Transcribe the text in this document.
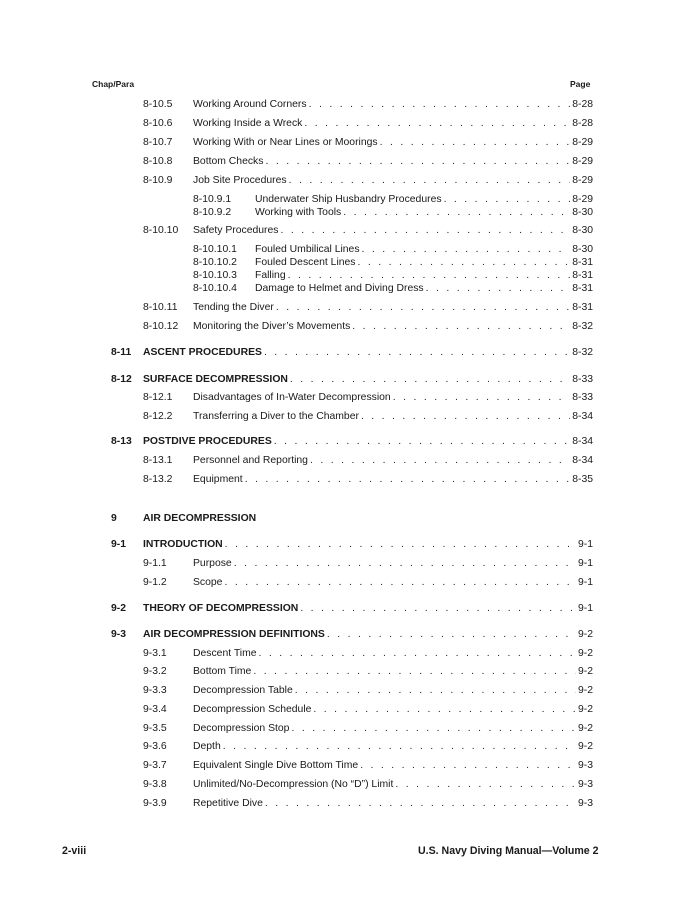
Chap/Para	Page
8-10.5 Working Around Corners . . .	8-28
8-10.6 Working Inside a Wreck . . .	8-28
8-10.7 Working With or Near Lines or Moorings . . .	8-29
8-10.8 Bottom Checks . . .	8-29
8-10.9 Job Site Procedures . . .	8-29
8-10.9.1 Underwater Ship Husbandry Procedures . . .	8-29
8-10.9.2 Working with Tools . . .	8-30
8-10.10 Safety Procedures . . .	8-30
8-10.10.1 Fouled Umbilical Lines . . .	8-30
8-10.10.2 Fouled Descent Lines . . .	8-31
8-10.10.3 Falling . . .	8-31
8-10.10.4 Damage to Helmet and Diving Dress . . .	8-31
8-10.11 Tending the Diver . . .	8-31
8-10.12 Monitoring the Diver’s Movements . . .	8-32
8-11 ASCENT PROCEDURES . . .	8-32
8-12 SURFACE DECOMPRESSION . . .	8-33
8-12.1 Disadvantages of In-Water Decompression . . .	8-33
8-12.2 Transferring a Diver to the Chamber . . .	8-34
8-13 POSTDIVE PROCEDURES . . .	8-34
8-13.1 Personnel and Reporting . . .	8-34
8-13.2 Equipment . . .	8-35
9	AIR DECOMPRESSION
9-1 INTRODUCTION . . .	9-1
9-1.1	Purpose . . .	9-1
9-1.2	Scope . . .	9-1
9-2 THEORY OF DECOMPRESSION . . .	9-1
9-3 AIR DECOMPRESSION DEFINITIONS . . .	9-2
9-3.1	Descent Time . . .	9-2
9-3.2	Bottom Time . . .	9-2
9-3.3	Decompression Table . . .	9-2
9-3.4	Decompression Schedule . . .	9-2
9-3.5	Decompression Stop . . .	9-2
9-3.6	Depth . . .	9-2
9-3.7	Equivalent Single Dive Bottom Time . . .	9-3
9-3.8	Unlimited/No-Decompression (No “D”) Limit . . .	9-3
9-3.9	Repetitive Dive . . .	9-3
2-viii	U.S. Navy Diving Manual—Volume 2
